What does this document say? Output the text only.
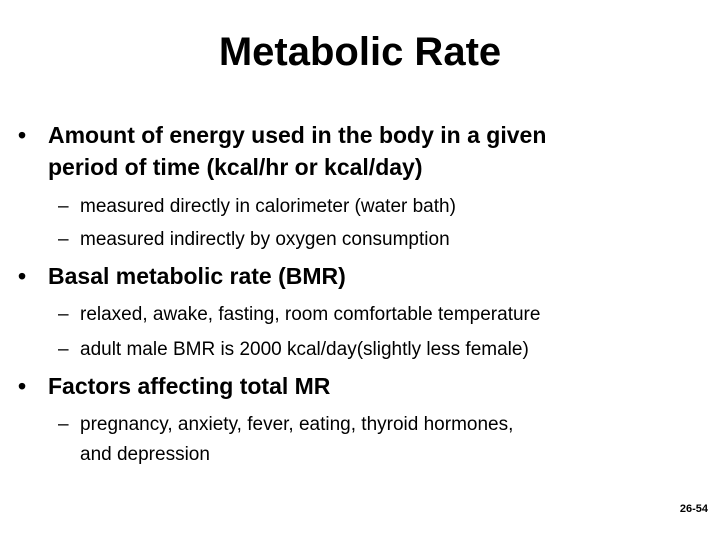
Metabolic Rate
• Amount of energy used in the body in a given
period of time (kcal/hr or kcal/day)
– measured directly in calorimeter (water bath)
– measured indirectly by oxygen consumption
• Basal metabolic rate (BMR)
– relaxed, awake, fasting, room comfortable temperature
– adult male BMR is 2000 kcal/day(slightly less female)
• Factors affecting total MR
– pregnancy, anxiety, fever, eating, thyroid hormones,
and depression
26-54
